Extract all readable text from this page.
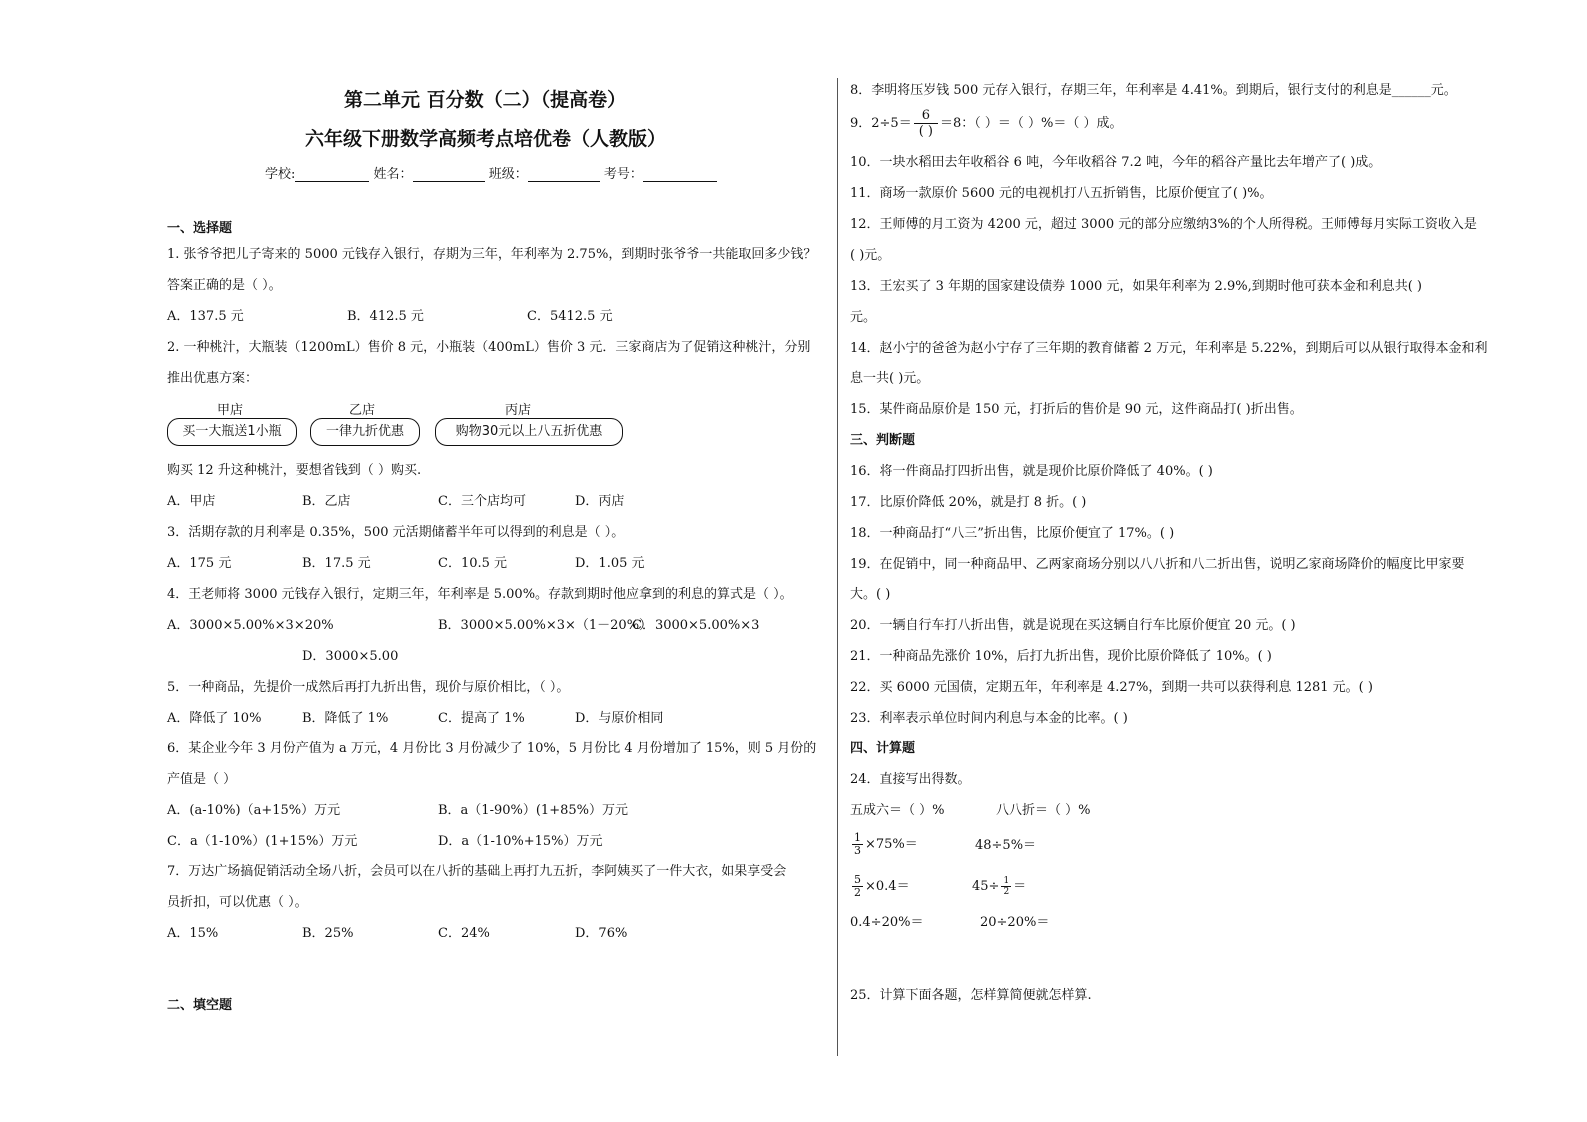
第二单元 百分数（二）（提高卷）
六年级下册数学高频考点培优卷（人教版）
学校:	姓名：	班级：	考号：
一、选择题
1. 张爷爷把儿子寄来的 5000 元钱存入银行，存期为三年，年利率为 2.75%，到期时张爷爷一共能取回多少钱？
答案正确的是（ ）。
A．137.5 元	B．412.5 元	C．5412.5 元
2. 一种桃汁，大瓶装（1200mL）售价 8 元，小瓶装（400mL）售价 3 元．三家商店为了促销这种桃汁，分别
推出优惠方案：
甲店	乙店	丙店
买一大瓶送1小瓶	一律九折优惠	购物30元以上八五折优惠
购买 12 升这种桃汁，要想省钱到（ ）购买.
A．甲店	B．乙店	C．三个店均可	D．丙店
3．活期存款的月利率是 0.35%，500 元活期储蓄半年可以得到的利息是（ ）。
A．175 元	B．17.5 元	C．10.5 元	D．1.05 元
4．王老师将 3000 元钱存入银行，定期三年，年利率是 5.00%。存款到期时他应拿到的利息的算式是（ ）。
A．3000×5.00%×3×20%	B．3000×5.00%×3×（1－20%）
C．3000×5.00%×3
D．3000×5.00
5．一种商品，先提价一成然后再打九折出售，现价与原价相比，（ ）。
A．降低了 10%	B．降低了 1%	C．提高了 1%	D．与原价相同
6．某企业今年 3 月份产值为 a 万元，4 月份比 3 月份减少了 10%，5 月份比 4 月份增加了 15%，则 5 月份的
产值是（ ）
A．(a-10%)（a+15%）万元	B．a（1-90%）(1+85%）万元
C．a（1-10%）(1+15%）万元	D．a（1-10%+15%）万元
7．万达广场搞促销活动全场八折，会员可以在八折的基础上再打九五折，李阿姨买了一件大衣，如果享受会
员折扣，可以优惠（ ）。
A．15%	B．25%	C．24%	D．76%
二、填空题
8．李明将压岁钱 500 元存入银行，存期三年，年利率是 4.41%。到期后，银行支付的利息是______元。
9．$2\div 5= \frac{6}{( )} =8$：（ ）＝（ ）%＝（ ）成。
10．一块水稻田去年收稻谷 6 吨，今年收稻谷 7.2 吨，今年的稻谷产量比去年增产了( )成。
11．商场一款原价 5600 元的电视机打八五折销售，比原价便宜了( )%。
12．王师傅的月工资为 4200 元，超过 3000 元的部分应缴纳3%的个人所得税。王师傅每月实际工资收入是
( )元。
13．王宏买了 3 年期的国家建设债券 1000 元，如果年利率为 2.9%,到期时他可获本金和利息共( )
元。
14．赵小宁的爸爸为赵小宁存了三年期的教育储蓄 2 万元，年利率是 5.22%，到期后可以从银行取得本金和利
息一共( )元。
15．某件商品原价是 150 元，打折后的售价是 90 元，这件商品打( )折出售。
三、判断题
16．将一件商品打四折出售，就是现价比原价降低了 40%。( )
17．比原价降低 20%，就是打 8 折。( )
18．一种商品打“八三”折出售，比原价便宜了 17%。( )
19．在促销中，同一种商品甲、乙两家商场分别以八八折和八二折出售，说明乙家商场降价的幅度比甲家要
大。( )
20．一辆自行车打八折出售，就是说现在买这辆自行车比原价便宜 20 元。( )
21．一种商品先涨价 10%，后打九折出售，现价比原价降低了 10%。( )
22．买 6000 元国债，定期五年，年利率是 4.27%，到期一共可以获得利息 1281 元。( )
23．利率表示单位时间内利息与本金的比率。( )
四、计算题
24．直接写出得数。
五成六＝（ ）%	八八折＝（ ）%
$\frac{1}{3} \times 75\%=$	48÷5%＝
$\frac{5}{2} \times 0.4=$	$45\div \frac{1}{2}$ ＝
0.4÷20%＝	20÷20%＝
25．计算下面各题，怎样算简便就怎样算.
